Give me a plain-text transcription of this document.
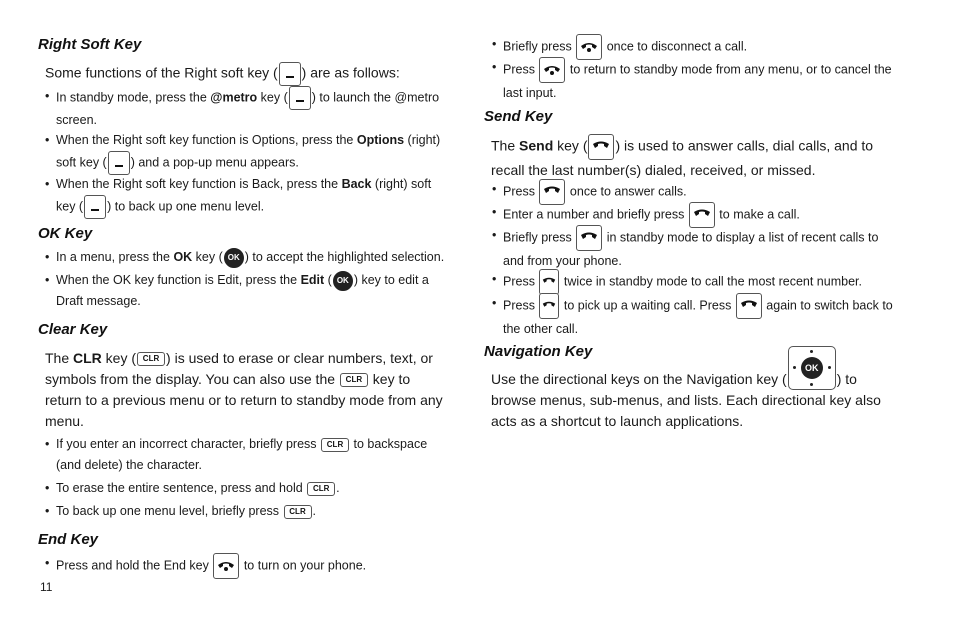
Right Soft Key
Some functions of the Right soft key ( ) are as follows:
• In standby mode, press the @metro key ( ) to launch the @metro
screen.
• When the Right soft key function is Options, press the Options (right)
soft key ( ) and a pop-up menu appears.
• When the Right soft key function is Back, press the Back (right) soft
key ( ) to back up one menu level.
OK Key
• In a menu, press the OK key ( OK ) to accept the highlighted selection.
• When the OK key function is Edit, press the Edit ( OK ) key to edit a
Draft message.
Clear Key
The CLR key ( CLR ) is used to erase or clear numbers, text, or
symbols from the display. You can also use the CLR key to
return to a previous menu or to return to standby mode from any
menu.
• If you enter an incorrect character, briefly press CLR to backspace
(and delete) the character.
• To erase the entire sentence, press and hold CLR .
• To back up one menu level, briefly press CLR .
End Key
• Press and hold the End key
to turn on your phone.
• Briefly press
once to disconnect a call.
• Press
to return to standby mode from any menu, or to cancel the
last input.
Send Key
The Send key ( ) is used to answer calls, dial calls, and to
recall the last number(s) dialed, received, or missed.
• Press
once to answer calls.
• Enter a number and briefly press
to make a call.
• Briefly press
in standby mode to display a list of recent calls to
and from your phone.
• Press
twice in standby mode to call the most recent number.
• Press
to pick up a waiting call. Press
again to switch back to
the other call.
Navigation Key
Use the directional keys on the Navigation key (
OK
) to
browse menus, sub-menus, and lists. Each directional key also
acts as a shortcut to launch applications.
11
